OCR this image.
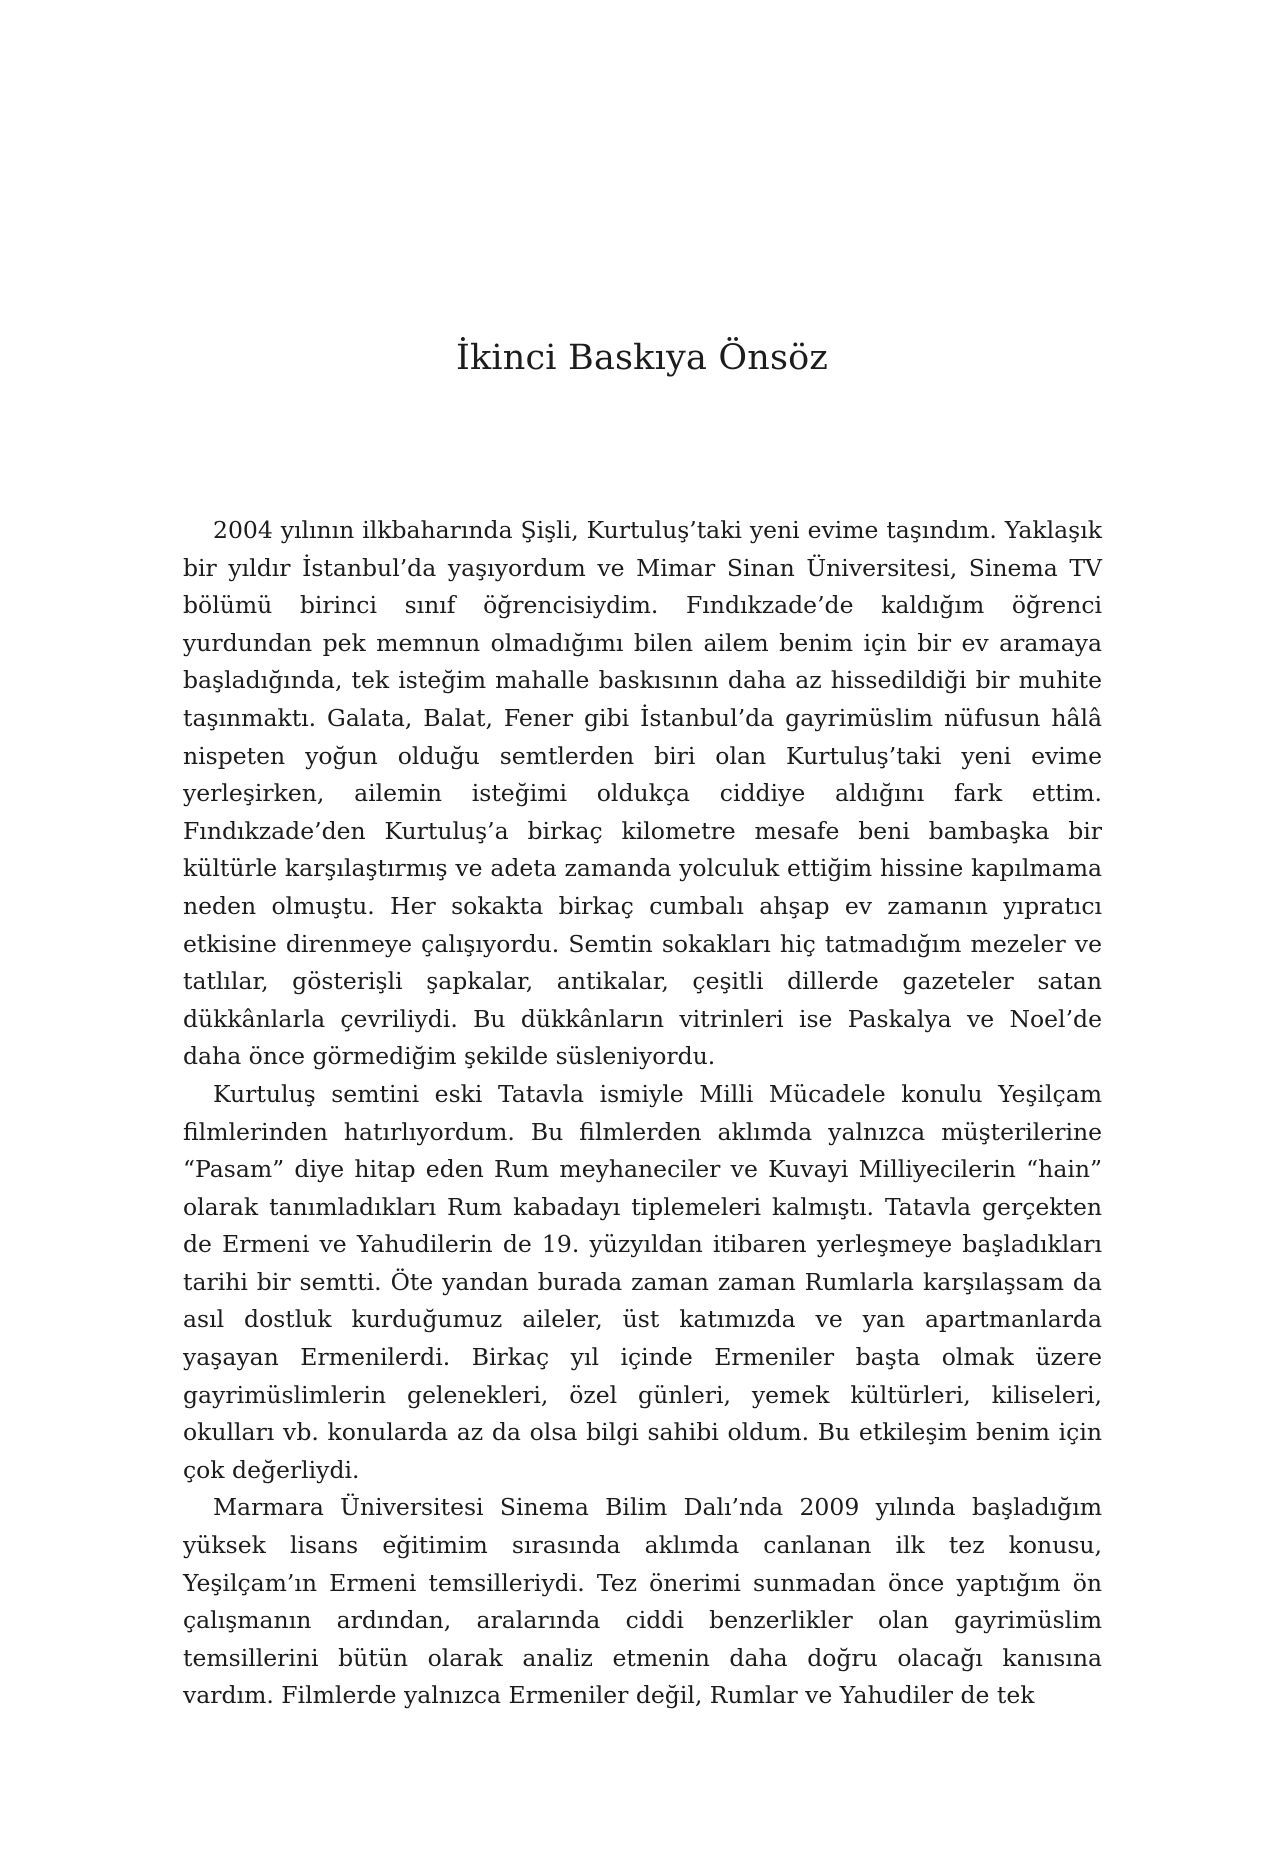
İkinci Baskıya Önsöz

2004 yılının ilkbaharında Şişli, Kurtuluş’taki yeni evime taşındım. Yaklaşık bir yıldır İstanbul’da yaşıyordum ve Mimar Sinan Üniversitesi, Sinema TV bölümü birinci sınıf öğrencisiydim. Fındıkzade’de kaldığım öğrenci yurdundan pek memnun olmadığımı bilen ailem benim için bir ev aramaya başladığında, tek isteğim mahalle baskısının daha az hissedildiği bir muhite taşınmaktı. Galata, Balat, Fener gibi İstanbul’da gayrimüslim nüfusun hâlâ nispeten yoğun olduğu semtlerden biri olan Kurtuluş’taki yeni evime yerleşirken, ailemin isteğimi oldukça ciddiye aldığını fark ettim. Fındıkzade’den Kurtuluş’a birkaç kilometre mesafe beni bambaşka bir kültürle karşılaştırmış ve adeta zamanda yolculuk ettiğim hissine kapılmama neden olmuştu. Her sokakta birkaç cumbalı ahşap ev zamanın yıpratıcı etkisine direnmeye çalışıyordu. Semtin sokakları hiç tatmadığım mezeler ve tatlılar, gösterişli şapkalar, antikalar, çeşitli dillerde gazeteler satan dükkânlarla çevriliydi. Bu dükkânların vitrinleri ise Paskalya ve Noel’de daha önce görmediğim şekilde süsleniyordu.

Kurtuluş semtini eski Tatavla ismiyle Milli Mücadele konulu Yeşilçam filmlerinden hatırlıyordum. Bu filmlerden aklımda yalnızca müşterilerine “Pasam” diye hitap eden Rum meyhaneciler ve Kuvayi Milliyecilerin “hain” olarak tanımladıkları Rum kabadayı tiplemeleri kalmıştı. Tatavla gerçekten de Ermeni ve Yahudilerin de 19. yüzyıldan itibaren yerleşmeye başladıkları tarihi bir semtti. Öte yandan burada zaman zaman Rumlarla karşılaşsam da asıl dostluk kurduğumuz aileler, üst katımızda ve yan apartmanlarda yaşayan Ermenilerdi. Birkaç yıl içinde Ermeniler başta olmak üzere gayrimüslimlerin gelenekleri, özel günleri, yemek kültürleri, kiliseleri, okulları vb. konularda az da olsa bilgi sahibi oldum. Bu etkileşim benim için çok değerliydi.

Marmara Üniversitesi Sinema Bilim Dalı’nda 2009 yılında başladığım yüksek lisans eğitimim sırasında aklımda canlanan ilk tez konusu, Yeşilçam’ın Ermeni temsilleriydi. Tez önerimi sunmadan önce yaptığım ön çalışmanın ardından, aralarında ciddi benzerlikler olan gayrimüslim temsillerini bütün olarak analiz etmenin daha doğru olacağı kanısına vardım. Filmlerde yalnızca Ermeniler değil, Rumlar ve Yahudiler de tek
